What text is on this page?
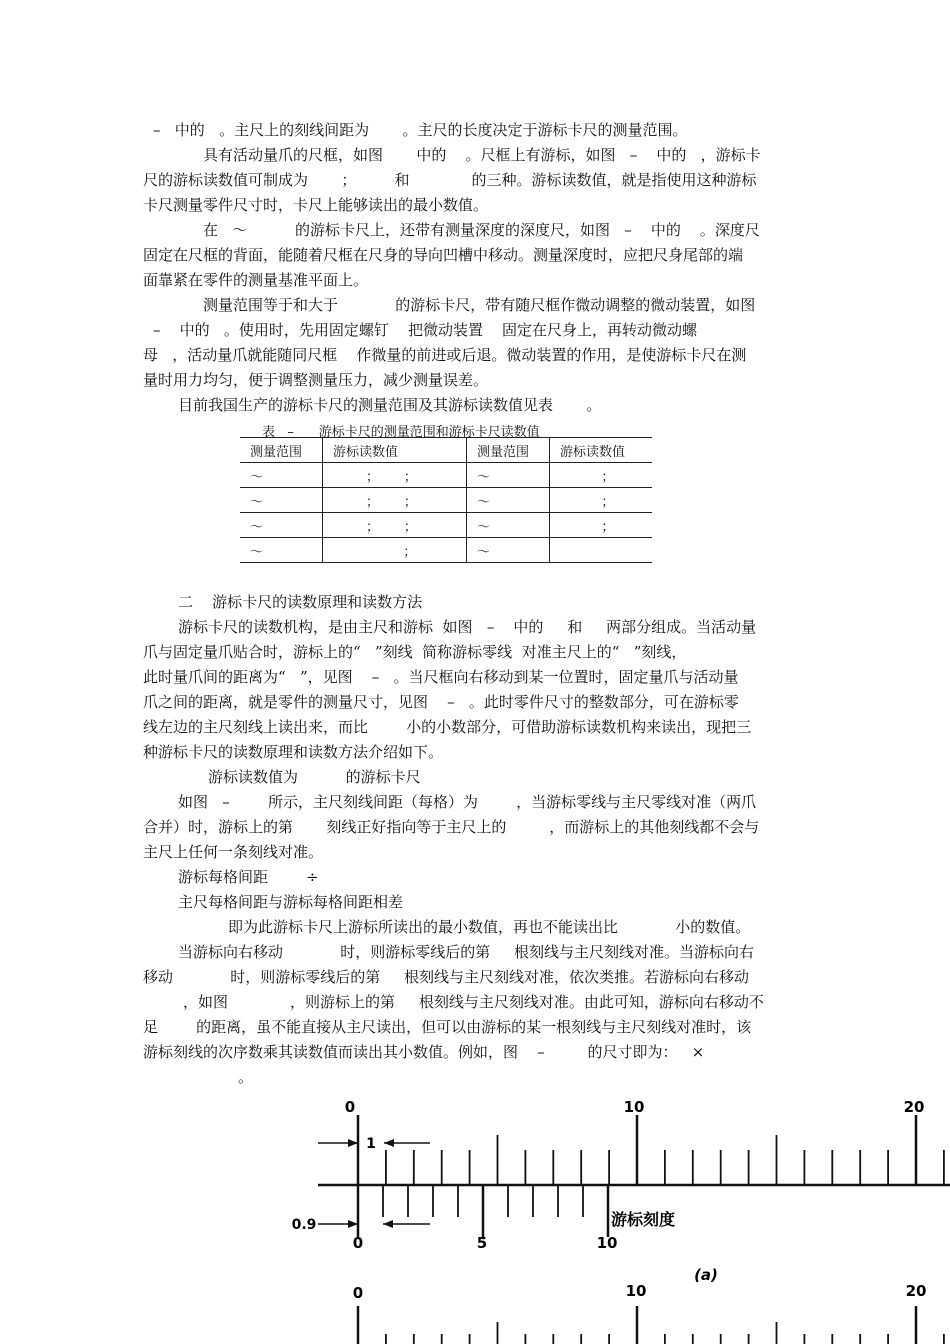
–   中的   。主尺上的刻线间距为       。主尺的长度决定于游标卡尺的测量范围。
具有活动量爪的尺框，如图       中的    。尺框上有游标，如图   –    中的   ，游标卡
尺的游标读数值可制成为       ；        和             的三种。游标读数值，就是指使用这种游标
卡尺测量零件尺寸时，卡尺上能够读出的最小数值。
在   ～          的游标卡尺上，还带有测量深度的深度尺，如图   –    中的    。深度尺
固定在尺框的背面，能随着尺框在尺身的导向凹槽中移动。测量深度时，应把尺身尾部的端
面靠紧在零件的测量基准平面上。
测量范围等于和大于            的游标卡尺，带有随尺框作微动调整的微动装置，如图
–    中的   。使用时，先用固定螺钉    把微动装置    固定在尺身上，再转动微动螺
母   ，活动量爪就能随同尺框    作微量的前进或后退。微动装置的作用，是使游标卡尺在测
量时用力均匀，便于调整测量压力，减少测量误差。
目前我国生产的游标卡尺的测量范围及其游标读数值见表       。
二    游标卡尺的读数原理和读数方法
游标卡尺的读数机构，是由主尺和游标  如图   –    中的     和     两部分组成。当活动量
爪与固定量爪贴合时，游标上的“   ”刻线  简称游标零线  对准主尺上的“   ”刻线，
此时量爪间的距离为“   ”，见图    –   。当尺框向右移动到某一位置时，固定量爪与活动量
爪之间的距离，就是零件的测量尺寸，见图    –   。此时零件尺寸的整数部分，可在游标零
线左边的主尺刻线上读出来，而比        小的小数部分，可借助游标读数机构来读出，现把三
种游标卡尺的读数原理和读数方法介绍如下。
游标读数值为          的游标卡尺
如图   –        所示，主尺刻线间距（每格）为        ，当游标零线与主尺零线对准（两爪
合并）时，游标上的第       刻线正好指向等于主尺上的         ，而游标上的其他刻线都不会与
主尺上任何一条刻线对准。
游标每格间距        ÷
主尺每格间距与游标每格间距相差
即为此游标卡尺上游标所读出的最小数值，再也不能读出比            小的数值。
当游标向右移动            时，则游标零线后的第     根刻线与主尺刻线对准。当游标向右
移动            时，则游标零线后的第     根刻线与主尺刻线对准，依次类推。若游标向右移动
，如图             ，则游标上的第     根刻线与主尺刻线对准。由此可知，游标向右移动不
足        的距离，虽不能直接从主尺读出，但可以由游标的某一根刻线与主尺刻线对准时，该
游标刻线的次序数乘其读数值而读出其小数值。例如，图    –         的尺寸即为：   ×
。
表   –      游标卡尺的测量范围和游标卡尺读数值
测量范围	游标读数值	测量范围	游标读数值
～	；      ；	～	；
～	；      ；	～	；
～	；      ；	～	；
～	；	～	
0	10	20
0	5	10
1
0.9	游标刻度
(a)
0	10	20
